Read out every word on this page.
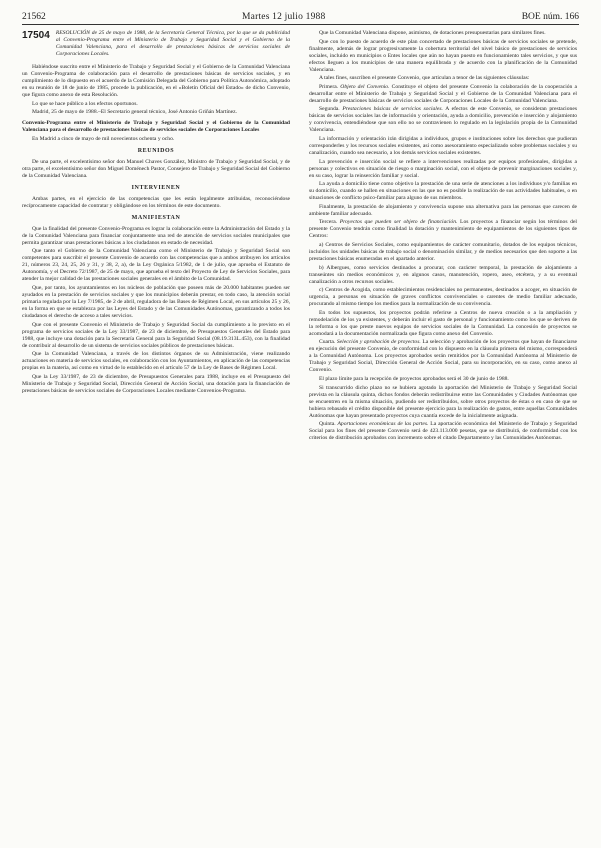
21562	Martes 12 julio 1988	BOE núm. 166
17504 RESOLUCIÓN de 25 de mayo de 1988, de la Secretaría General Técnica, por la que se da publicidad al Convenio-Programa entre el Ministerio de Trabajo y Seguridad Social y el Gobierno de la Comunidad Valenciana, para el desarrollo de prestaciones básicas de servicios sociales de Corporaciones Locales.

Habiéndose suscrito entre el Ministerio de Trabajo y Seguridad Social y el Gobierno de la Comunidad Valenciana un Convenio-Programa de colaboración para el desarrollo de prestaciones básicas de servicios sociales, y en cumplimiento de lo dispuesto en el acuerdo de la Comisión Delegada del Gobierno para Política Autonómica, adoptado en su reunión de 18 de junio de 1985, procede la publicación, en el «Boletín Oficial del Estado» de dicho Convenio, que figura como anexo de esta Resolución.

Lo que se hace público a los efectos oportunos.

Madrid, 25 de mayo de 1988.–El Secretario general técnico, José Antonio Griñán Martínez.

Convenio-Programa entre el Ministerio de Trabajo y Seguridad Social y el Gobierno de la Comunidad Valenciana para el desarrollo de prestaciones básicas de servicios sociales de Corporaciones Locales

En Madrid a cinco de mayo de mil novecientos ochenta y ocho.

REUNIDOS

De una parte, el excelentísimo señor don Manuel Chaves González, Ministro de Trabajo y Seguridad Social, y de otra parte, el excelentísimo señor don Miguel Doménech Pastor, Consejero de Trabajo y Seguridad Social del Gobierno de la Comunidad Valenciana.

INTERVIENEN

Ambas partes, en el ejercicio de las competencias que les están legalmente atribuidas, reconociéndose recíprocamente capacidad de contratar y obligándose en los términos de este documento.

MANIFIESTAN

Que la finalidad del presente Convenio-Programa es lograr la colaboración entre la Administración del Estado y la de la Comunidad Valenciana para financiar conjuntamente una red de atención de servicios sociales municipales que permita garantizar unas prestaciones básicas a los ciudadanos en estado de necesidad.

Que tanto el Gobierno de la Comunidad Valenciana como el Ministerio de Trabajo y Seguridad Social son competentes para suscribir el presente Convenio de acuerdo con las competencias que a ambos atribuyen los artículos 21, números 23, 24, 25, 26 y 31, y 38, 2, a), de la Ley Orgánica 5/1982, de 1 de julio, que aprueba el Estatuto de Autonomía, y el Decreto 72/1987, de 25 de mayo, que aprueba el texto del Proyecto de Ley de Servicios Sociales, para atender la mejor calidad de las prestaciones sociales generales en el ámbito de la Comunidad.

Que, por tanto, los ayuntamientos en los núcleos de población que poseen más de 20.000 habitantes pueden ser ayudados en la prestación de servicios sociales y que los municipios deberán prestar, en todo caso, la atención social primaria regulada por la Ley 7/1985, de 2 de abril, reguladora de las Bases de Régimen Local, en sus artículos 25 y 26, en la forma en que se establezca por las Leyes del Estado y de las Comunidades Autónomas, garantizando a todos los ciudadanos el derecho de acceso a tales servicios.

Que con el presente Convenio el Ministerio de Trabajo y Seguridad Social da cumplimiento a lo previsto en el programa de servicios sociales de la Ley 33/1987, de 23 de diciembre, de Presupuestos Generales del Estado para 1988, que incluye una dotación para la Secretaría General para la Seguridad Social (08.19.313L.453), con la finalidad de contribuir al desarrollo de un sistema de servicios sociales públicos de prestaciones básicas.

Que la Comunidad Valenciana, a través de los distintos órganos de su Administración, viene realizando actuaciones en materia de servicios sociales, en colaboración con los Ayuntamientos, en aplicación de las competencias propias en la materia, así como en virtud de lo establecido en el artículo 57 de la Ley de Bases de Régimen Local.

Que la Ley 33/1987, de 23 de diciembre, de Presupuestos Generales para 1988, incluye en el Presupuesto del Ministerio de Trabajo y Seguridad Social, Dirección General de Acción Social, una dotación para la financiación de prestaciones básicas de servicios sociales de Corporaciones Locales mediante Convenios-Programa.

Que la Comunidad Valenciana dispone, asimismo, de dotaciones presupuestarias para similares fines.

Que con lo puesto de acuerdo de este plan concertado de prestaciones básicas de servicios sociales se pretende, finalmente, además de lograr progresivamente la cobertura territorial del nivel básico de prestaciones de servicios sociales, incluido en municipios o Entes locales que aún no hayan puesto en funcionamiento tales servicios, y que sus efectos lleguen a los municipios de una manera equilibrada y de acuerdo con la planificación de la Comunidad Valenciana.

A tales fines, suscriben el presente Convenio, que articulan a tenor de las siguientes cláusulas:

Primera. Objeto del Convenio. Constituye el objeto del presente Convenio la colaboración de la cooperación a desarrollar entre el Ministerio de Trabajo y Seguridad Social y el Gobierno de la Comunidad Valenciana para el desarrollo de prestaciones básicas de servicios sociales de Corporaciones Locales de la Comunidad Valenciana.

Segunda. Prestaciones básicas de servicios sociales. A efectos de este Convenio, se consideran prestaciones básicas de servicios sociales las de información y orientación, ayuda a domicilio, prevención e inserción y alojamiento y convivencia, entendiéndose que son ello no se contravienen lo regulado en la legislación propia de la Comunidad Valenciana.

La información y orientación irán dirigidas a individuos, grupos e instituciones sobre los derechos que pudieran corresponderles y los recursos sociales existentes, así como asesoramiento especializado sobre problemas sociales y su canalización, cuando sea necesario, a los demás servicios sociales existentes.

La prevención e inserción social se refiere a intervenciones realizadas por equipos profesionales, dirigidas a personas y colectivos en situación de riesgo o marginación social, con el objeto de prevenir marginaciones sociales y, en su caso, lograr la reinserción familiar y social.

La ayuda a domicilio tiene como objetivo la prestación de una serie de atenciones a los individuos y/o familias en su domicilio, cuando se hallen en situaciones en las que no es posible la realización de sus actividades habituales, o en situaciones de conflicto psico-familiar para alguno de sus miembros.

Finalmente, la prestación de alojamiento y convivencia supone una alternativa para las personas que carecen de ambiente familiar adecuado.

Tercera. Proyectos que pueden ser objeto de financiación. Los proyectos a financiar según los términos del presente Convenio tendrán como finalidad la dotación y mantenimiento de equipamientos de los siguientes tipos de Centros:

a) Centros de Servicios Sociales, como equipamientos de carácter comunitario, dotados de los equipos técnicos, incluidos los unidades básicas de trabajo social o denominación similar, y de medios necesarios que den soporte a las prestaciones básicas enumeradas en el apartado anterior.

b) Albergues, como servicios destinados a procurar, con carácter temporal, la prestación de alojamiento a transeúntes sin medios económicos y, en algunos casos, manutención, ropero, aseo, etcétera, y a su eventual canalización a otros recursos sociales.

c) Centros de Acogida, como establecimientos residenciales no permanentes, destinados a acoger, en situación de urgencia, a personas en situación de graves conflictos convivenciales o carentes de medio familiar adecuado, procurando al mismo tiempo los medios para la normalización de su convivencia.

En todos los supuestos, los proyectos podrán referirse a Centros de nueva creación o a la ampliación y remodelación de los ya existentes, y deberán incluir el gasto de personal y funcionamiento como los que se deriven de la reforma o los que preste nuevos equipos de servicios sociales de la Comunidad. La concesión de proyectos se acomodará a la documentación normalizada que figura como anexo del Convenio.

Cuarta. Selección y aprobación de proyectos. La selección y aprobación de los proyectos que hayan de financiarse en ejecución del presente Convenio, de conformidad con lo dispuesto en la cláusula primera del mismo, corresponderá a la Comunidad Autónoma. Los proyectos aprobados serán remitidos por la Comunidad Autónoma al Ministerio de Trabajo y Seguridad Social, Dirección General de Acción Social, para su incorporación, en su caso, como anexo al Convenio.

El plazo límite para la recepción de proyectos aprobados será el 30 de junio de 1988.

Si transcurrido dicho plazo no se hubiera agotado la aportación del Ministerio de Trabajo y Seguridad Social prevista en la cláusula quinta, dichos fondos deberán redistribuirse entre las Comunidades y Ciudades Autónomas que se encuentren en la misma situación, pudiendo ser redistribuidos, sobre otros proyectos de éstas o en caso de que se hubiera rebasado el crédito disponible del presente ejercicio para la realización de gastos, entre aquellas Comunidades Autónomas que hayan presentado proyectos cuya cuantía excede de la inicialmente asignada.

Quinta. Aportaciones económicas de las partes. La aportación económica del Ministerio de Trabajo y Seguridad Social para los fines del presente Convenio será de 423.113.000 pesetas, que se distribuirá, de conformidad con los criterios de distribución aprobados con incremento sobre el citado Departamento y las Comunidades Autónomas.
